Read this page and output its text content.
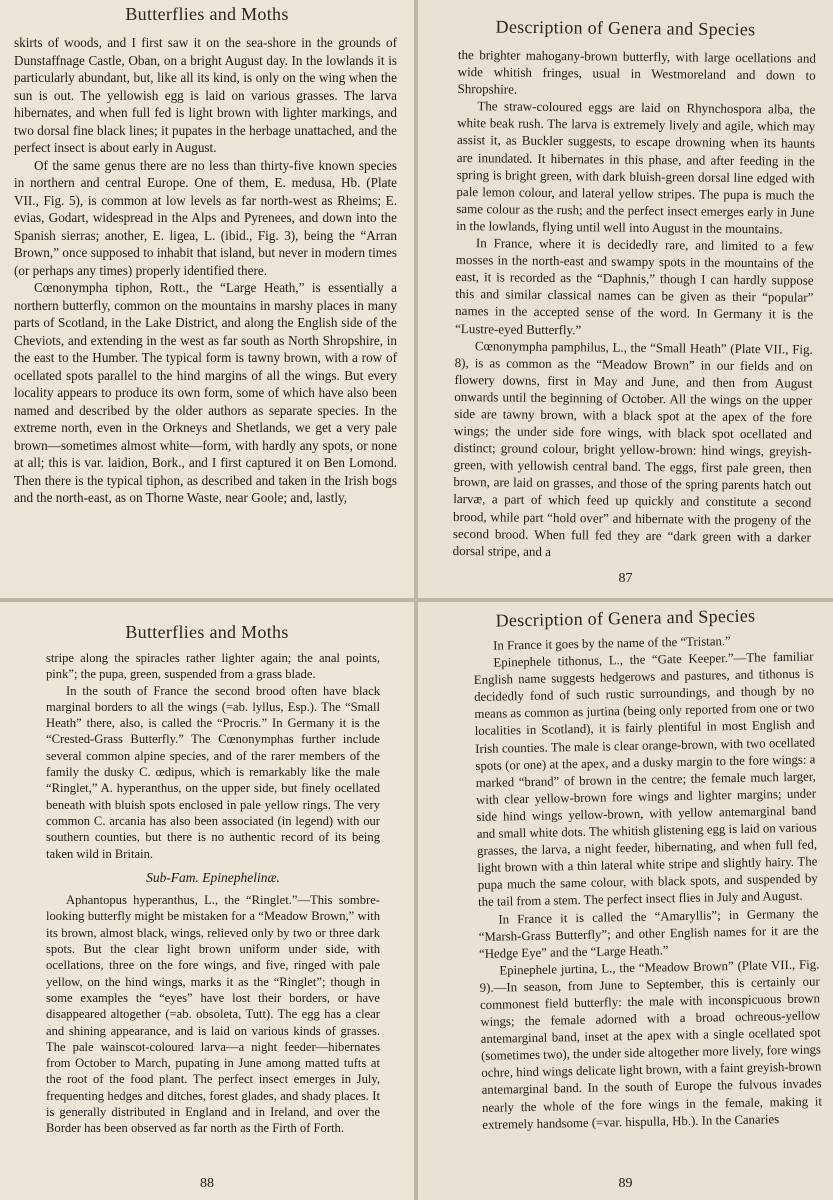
Butterflies and Moths

skirts of woods, and I first saw it on the sea-shore in the grounds of Dunstaffnage Castle, Oban, on a bright August day. In the lowlands it is particularly abundant, but, like all its kind, is only on the wing when the sun is out. The yellowish egg is laid on various grasses. The larva hibernates, and when full fed is light brown with lighter markings, and two dorsal fine black lines; it pupates in the herbage unattached, and the perfect insect is about early in August.

Of the same genus there are no less than thirty-five known species in northern and central Europe. One of them, E. medusa, Hb. (Plate VII., Fig. 5), is common at low levels as far north-west as Rheims; E. evias, Godart, widespread in the Alps and Pyrenees, and down into the Spanish sierras; another, E. ligea, L. (ibid., Fig. 3), being the “Arran Brown,” once supposed to inhabit that island, but never in modern times (or perhaps any times) properly identified there.

Cœnonympha tiphon, Rott., the “Large Heath,” is essentially a northern butterfly, common on the mountains in marshy places in many parts of Scotland, in the Lake District, and along the English side of the Cheviots, and extending in the west as far south as North Shropshire, in the east to the Humber. The typical form is tawny brown, with a row of ocellated spots parallel to the hind margins of all the wings. But every locality appears to produce its own form, some of which have also been named and described by the older authors as separate species. In the extreme north, even in the Orkneys and Shetlands, we get a very pale brown—sometimes almost white—form, with hardly any spots, or none at all; this is var. laidion, Bork., and I first captured it on Ben Lomond. Then there is the typical tiphon, as described and taken in the Irish bogs and the north-east, as on Thorne Waste, near Goole; and, lastly,

Description of Genera and Species

the brighter mahogany-brown butterfly, with large ocellations and wide whitish fringes, usual in Westmoreland and down to Shropshire.

The straw-coloured eggs are laid on Rhynchospora alba, the white beak rush. The larva is extremely lively and agile, which may assist it, as Buckler suggests, to escape drowning when its haunts are inundated. It hibernates in this phase, and after feeding in the spring is bright green, with dark bluish-green dorsal line edged with pale lemon colour, and lateral yellow stripes. The pupa is much the same colour as the rush; and the perfect insect emerges early in June in the lowlands, flying until well into August in the mountains.

In France, where it is decidedly rare, and limited to a few mosses in the north-east and swampy spots in the mountains of the east, it is recorded as the “Daphnis,” though I can hardly suppose this and similar classical names can be given as their “popular” names in the accepted sense of the word. In Germany it is the “Lustre-eyed Butterfly.”

Cœnonympha pamphilus, L., the “Small Heath” (Plate VII., Fig. 8), is as common as the “Meadow Brown” in our fields and on flowery downs, first in May and June, and then from August onwards until the beginning of October. All the wings on the upper side are tawny brown, with a black spot at the apex of the fore wings; the under side fore wings, with black spot ocellated and distinct; ground colour, bright yellow-brown: hind wings, greyish-green, with yellowish central band. The eggs, first pale green, then brown, are laid on grasses, and those of the spring parents hatch out larvæ, a part of which feed up quickly and constitute a second brood, while part “hold over” and hibernate with the progeny of the second brood. When full fed they are “dark green with a darker dorsal stripe, and a

87
Butterflies and Moths

stripe along the spiracles rather lighter again; the anal points, pink”; the pupa, green, suspended from a grass blade.

In the south of France the second brood often have black marginal borders to all the wings (=ab. lyllus, Esp.). The “Small Heath” there, also, is called the “Procris.” In Germany it is the “Crested-Grass Butterfly.” The Cœnonymphas further include several common alpine species, and of the rarer members of the family the dusky C. œdipus, which is remarkably like the male “Ringlet,” A. hyperanthus, on the upper side, but finely ocellated beneath with bluish spots enclosed in pale yellow rings. The very common C. arcania has also been associated (in legend) with our southern counties, but there is no authentic record of its being taken wild in Britain.

Sub-Fam. Epinephelinæ.

Aphantopus hyperanthus, L., the “Ringlet.”—This sombre-looking butterfly might be mistaken for a “Meadow Brown,” with its brown, almost black, wings, relieved only by two or three dark spots. But the clear light brown uniform under side, with ocellations, three on the fore wings, and five, ringed with pale yellow, on the hind wings, marks it as the “Ringlet”; though in some examples the “eyes” have lost their borders, or have disappeared altogether (=ab. obsoleta, Tutt). The egg has a clear and shining appearance, and is laid on various kinds of grasses. The pale wainscot-coloured larva—a night feeder—hibernates from October to March, pupating in June among matted tufts at the root of the food plant. The perfect insect emerges in July, frequenting hedges and ditches, forest glades, and shady places. It is generally distributed in England and in Ireland, and over the Border has been observed as far north as the Firth of Forth.

88
Description of Genera and Species

In France it goes by the name of the “Tristan.”

Epinephele tithonus, L., the “Gate Keeper.”—The familiar English name suggests hedgerows and pastures, and tithonus is decidedly fond of such rustic surroundings, and though by no means as common as jurtina (being only reported from one or two localities in Scotland), it is fairly plentiful in most English and Irish counties. The male is clear orange-brown, with two ocellated spots (or one) at the apex, and a dusky margin to the fore wings: a marked “brand” of brown in the centre; the female much larger, with clear yellow-brown fore wings and lighter margins; under side hind wings yellow-brown, with yellow antemarginal band and small white dots. The whitish glistening egg is laid on various grasses, the larva, a night feeder, hibernating, and when full fed, light brown with a thin lateral white stripe and slightly hairy. The pupa much the same colour, with black spots, and suspended by the tail from a stem. The perfect insect flies in July and August.

In France it is called the “Amaryllis”; in Germany the “Marsh-Grass Butterfly”; and other English names for it are the “Hedge Eye” and the “Large Heath.”

Epinephele jurtina, L., the “Meadow Brown” (Plate VII., Fig. 9).—In season, from June to September, this is certainly our commonest field butterfly: the male with inconspicuous brown wings; the female adorned with a broad ochreous-yellow antemarginal band, inset at the apex with a single ocellated spot (sometimes two), the under side altogether more lively, fore wings ochre, hind wings delicate light brown, with a faint greyish-brown antemarginal band. In the south of Europe the fulvous invades nearly the whole of the fore wings in the female, making it extremely handsome (=var. hispulla, Hb.). In the Canaries

89
